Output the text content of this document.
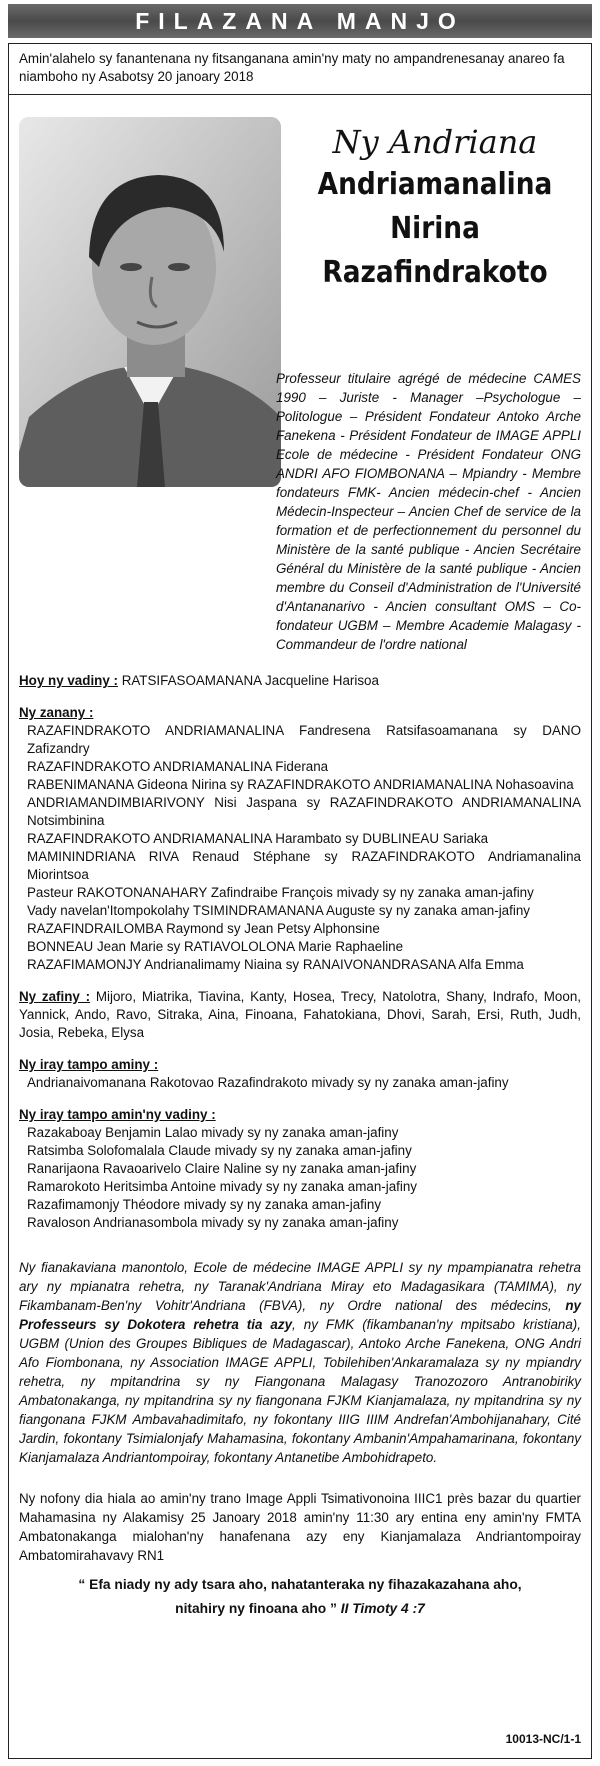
FILAZANA MANJO
Amin'alahelo sy fanantenana ny fitsanganana amin'ny maty no ampandrenesanay anareo fa niamboho ny Asabotsy 20 janoary 2018
Ny Andriana
Andriamanalina
Nirina
Razafindrakoto
Professeur titulaire agrégé de médecine CAMES 1990 – Juriste - Manager –Psychologue – Politologue – Président Fondateur Antoko Arche Fanekena - Président Fondateur de IMAGE APPLI Ecole de médecine - Président Fondateur ONG ANDRI AFO FIOMBONANA – Mpiandry - Membre fondateurs FMK- Ancien médecin-chef - Ancien Médecin-Inspecteur – Ancien Chef de service de la formation et de perfectionnement du personnel du Ministère de la santé publique - Ancien Secrétaire Général du Ministère de la santé publique - Ancien membre du Conseil d'Administration de l'Université d'Antananarivo - Ancien consultant OMS – Co-fondateur UGBM – Membre Academie Malagasy - Commandeur de l'ordre national
Hoy ny vadiny : RATSIFASOAMANANA Jacqueline Harisoa
Ny zanany :
RAZAFINDRAKOTO ANDRIAMANALINA Fandresena Ratsifasoamanana sy DANO Zafizandry
RAZAFINDRAKOTO ANDRIAMANALINA Fiderana
RABENIMANANA Gideona Nirina sy RAZAFINDRAKOTO ANDRIAMANALINA Nohasoavina
ANDRIAMANDIMBIARIVONY Nisi Jaspana sy RAZAFINDRAKOTO ANDRIAMANALINA Notsimbinina
RAZAFINDRAKOTO ANDRIAMANALINA Harambato sy DUBLINEAU Sariaka
MAMININDRIANA RIVA Renaud Stéphane sy RAZAFINDRAKOTO Andriamanalina Miorintsoa
Pasteur RAKOTONANAHARY Zafindraibe François mivady sy ny zanaka aman-jafiny
Vady navelan'Itompokolahy TSIMINDRAMANANA Auguste sy ny zanaka aman-jafiny
RAZAFINDRAILOMBA Raymond sy Jean Petsy Alphonsine
BONNEAU Jean Marie sy RATIAVOLOLONA Marie Raphaeline
RAZAFIMAMONJY Andrianalimamy Niaina sy RANAIVONANDRASANA Alfa Emma
Ny zafiny : Mijoro, Miatrika, Tiavina, Kanty, Hosea, Trecy, Natolotra, Shany, Indrafo, Moon, Yannick, Ando, Ravo, Sitraka, Aina, Finoana, Fahatokiana, Dhovi, Sarah, Ersi, Ruth, Judh, Josia, Rebeka, Elysa
Ny iray tampo aminy :
Andrianaivomanana Rakotovao Razafindrakoto mivady sy ny zanaka aman-jafiny
Ny iray tampo amin'ny vadiny :
Razakaboay Benjamin Lalao mivady sy ny zanaka aman-jafiny
Ratsimba Solofomalala Claude mivady sy ny zanaka aman-jafiny
Ranarijaona Ravaoarivelo Claire Naline sy ny zanaka aman-jafiny
Ramarokoto Heritsimba Antoine mivady sy ny zanaka aman-jafiny
Razafimamonjy Théodore mivady sy ny zanaka aman-jafiny
Ravaloson Andrianasombola mivady sy ny zanaka aman-jafiny
Ny fianakaviana manontolo, Ecole de médecine IMAGE APPLI sy ny mpampianatra rehetra ary ny mpianatra rehetra, ny Taranak'Andriana Miray eto Madagasikara (TAMIMA), ny Fikambanam-Ben'ny Vohitr'Andriana (FBVA), ny Ordre national des médecins, ny Professeurs sy Dokotera rehetra tia azy, ny FMK (fikambanan'ny mpitsabo kristiana), UGBM (Union des Groupes Bibliques de Madagascar), Antoko Arche Fanekena, ONG Andri Afo Fiombonana, ny Association IMAGE APPLI, Tobilehiben'Ankaramalaza sy ny mpiandry rehetra, ny mpitandrina sy ny Fiangonana Malagasy Tranozozoro Antranobiriky Ambatonakanga, ny mpitandrina sy ny fiangonana FJKM Kianjamalaza, ny mpitandrina sy ny fiangonana FJKM Ambavahadimitafo, ny fokontany IIIG IIIM Andrefan'Ambohijanahary, Cité Jardin, fokontany Tsimialonjafy Mahamasina, fokontany Ambanin'Ampahamarinana, fokontany Kianjamalaza Andriantompoiray, fokontany Antanetibe Ambohidrapeto.
Ny nofony dia hiala ao amin'ny trano Image Appli Tsimativonoina IIIC1 près bazar du quartier Mahamasina ny Alakamisy 25 Janoary 2018 amin'ny 11:30 ary entina eny amin'ny FMTA Ambatonakanga mialohan'ny hanafenana azy eny Kianjamalaza Andriantompoiray Ambatomirahavavy RN1
“ Efa niady ny ady tsara aho, nahatanteraka ny fihazakazahana aho,
nitahiry ny finoana aho ” II Timoty 4 :7
10013-NC/1-1
